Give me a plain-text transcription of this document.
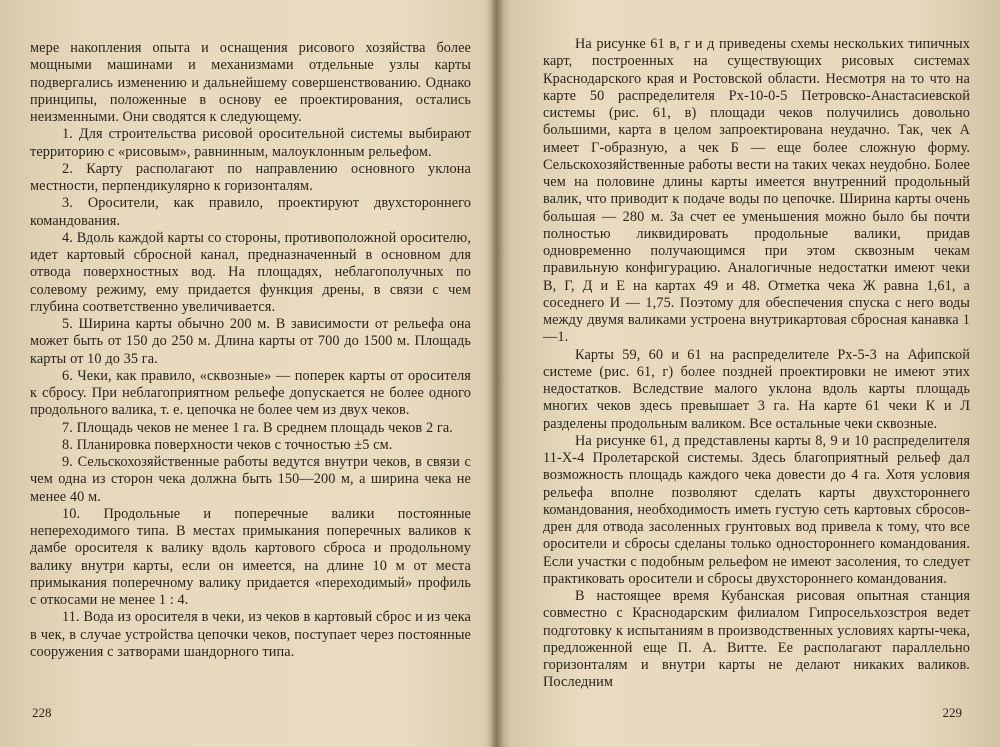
мере накопления опыта и оснащения рисовогo хозяйства более мощными машинами и механизмами отдельные узлы карты подвергались изменению и дальнейшему совершенствованию. Однако принципы, положенные в основу ее проектирования, остались неизменными. Они сводятся к следующему.

1. Для строительства рисовой оросительной системы выбирают территорию с «рисовым», равнинным, малоуклонным рельефом.

2. Карту располагают по направлению основного уклона местности, перпендикулярно к горизонталям.

3. Оросители, как правило, проектируют двухстороннего командования.

4. Вдоль каждой карты со стороны, противоположной оросителю, идет картовый сбросной канал, предназначенный в основном для отвода поверхностных вод. На площадях, неблагополучных по солевому режиму, ему придается функция дрены, в связи с чем глубина соответственно увеличивается.

5. Ширина карты обычно 200 м. В зависимости от рельефа она может быть от 150 до 250 м. Длина карты от 700 до 1500 м. Площадь карты от 10 до 35 га.

6. Чеки, как правило, «сквозные» — поперек карты от оросителя к сбросу. При неблагоприятном рельефе допускается не более одного продольного валика, т. е. цепочка не более чем из двух чеков.

7. Площадь чеков не менее 1 га. В среднем площадь чеков 2 га.

8. Планировка поверхности чеков с точностью ±5 см.

9. Сельскохозяйственные работы ведутся внутри чеков, в связи с чем одна из сторон чека должна быть 150—200 м, а ширина чека не менее 40 м.

10. Продольные и поперечные валики постоянные непереходимого типа. В местах примыкания поперечных валиков к дамбе оросителя к валику вдоль картового сброса и продольному валику внутри карты, если он имеется, на длине 10 м от места примыкания поперечному валику придается «переходимый» профиль с откосами не менее 1 : 4.

11. Вода из оросителя в чеки, из чеков в картовый сброс и из чека в чек, в случае устройства цепочки чеков, поступает через постоянные сооружения с затворами шандорного типа.

228

На рисунке 61 в, г и д приведены схемы нескольких типичных карт, построенных на существующих рисовых системах Краснодарского края и Ростовской области. Несмотря на то что на карте 50 распределителя Рх-10-0-5 Петровско-Анастасиевской системы (рис. 61, в) площади чеков получились довольно большими, карта в целом запроектирована неудачно. Так, чек А имеет Г-образную, а чек Б — еще более сложную форму. Сельскохозяйственные работы вести на таких чеках неудобно. Более чем на половине длины карты имеется внутренний продольный валик, что приводит к подаче воды по цепочке. Ширина карты очень большая — 280 м. За счет ее уменьшения можно было бы почти полностью ликвидировать продольные валики, придав одновременно получающимся при этом сквозным чекам правильную конфигурацию. Аналогичные недостатки имеют чеки В, Г, Д и Е на картах 49 и 48. Отметка чека Ж равна 1,61, а соседнего И — 1,75. Поэтому для обеспечения спуска с него воды между двумя валиками устроена внутрикартовая сбросная канавка 1—1.

Карты 59, 60 и 61 на распределителе Рх-5-3 на Афипской системе (рис. 61, г) более поздней проектировки не имеют этих недостатков. Вследствие малого уклона вдоль карты площадь многих чеков здесь превышает 3 га. На карте 61 чеки К и Л разделены продольным валиком. Все остальные чеки сквозные.

На рисунке 61, д представлены карты 8, 9 и 10 распределителя 11-Х-4 Пролетарской системы. Здесь благоприятный рельеф дал возможность площадь каждого чека довести до 4 га. Хотя условия рельефа вполне позволяют сделать карты двухстороннего командования, необходимость иметь густую сеть картовых сбросов-дрен для отвода засоленных грунтовых вод привела к тому, что все оросители и сбросы сделаны только одностороннего командования. Если участки с подобным рельефом не имеют засоления, то следует практиковать оросители и сбросы двухстороннего командования.

В настоящее время Кубанская рисовая опытная станция совместно с Краснодарским филиалом Гипросельхозстроя ведет подготовку к испытаниям в производственных условиях карты-чека, предложенной еще П. А. Витте. Ее располагают параллельно горизонталям и внутри карты не делают никаких валиков. Последним

229
